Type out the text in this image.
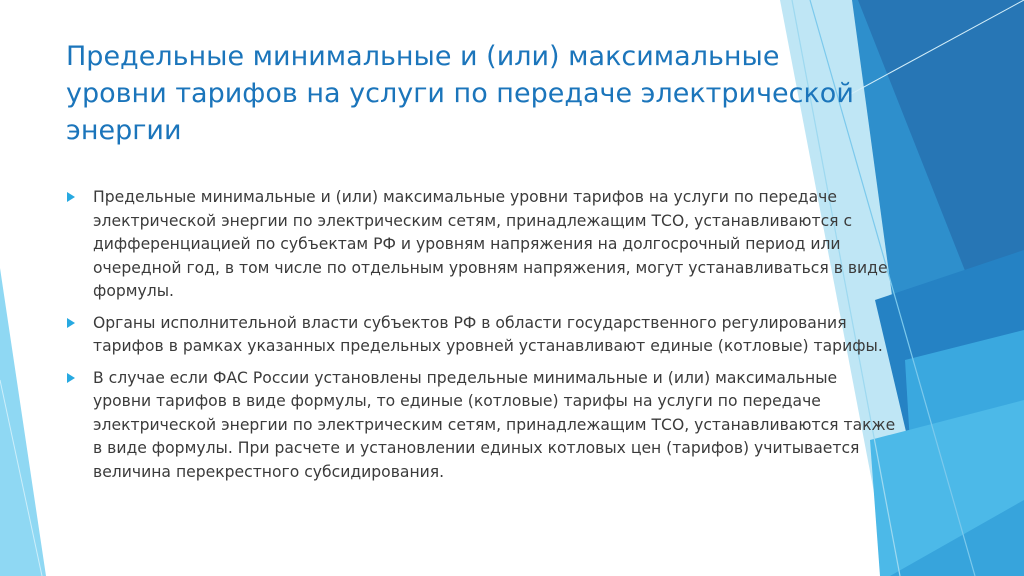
Предельные минимальные и (или) максимальные уровни тарифов на услуги по передаче электрической энергии
Предельные минимальные и (или) максимальные уровни тарифов на услуги по передаче электрической энергии по электрическим сетям, принадлежащим ТСО, устанавливаются с дифференциацией по субъектам РФ и уровням напряжения на долгосрочный период или очередной год, в том числе по отдельным уровням напряжения, могут устанавливаться в виде формулы.
Органы исполнительной власти субъектов РФ в области государственного регулирования тарифов в рамках указанных предельных уровней устанавливают единые (котловые) тарифы.
В случае если ФАС России установлены предельные минимальные и (или) максимальные уровни тарифов в виде формулы, то единые (котловые) тарифы на услуги по передаче электрической энергии по электрическим сетям, принадлежащим ТСО, устанавливаются также в виде формулы. При расчете и установлении единых котловых цен (тарифов) учитывается величина перекрестного субсидирования.
